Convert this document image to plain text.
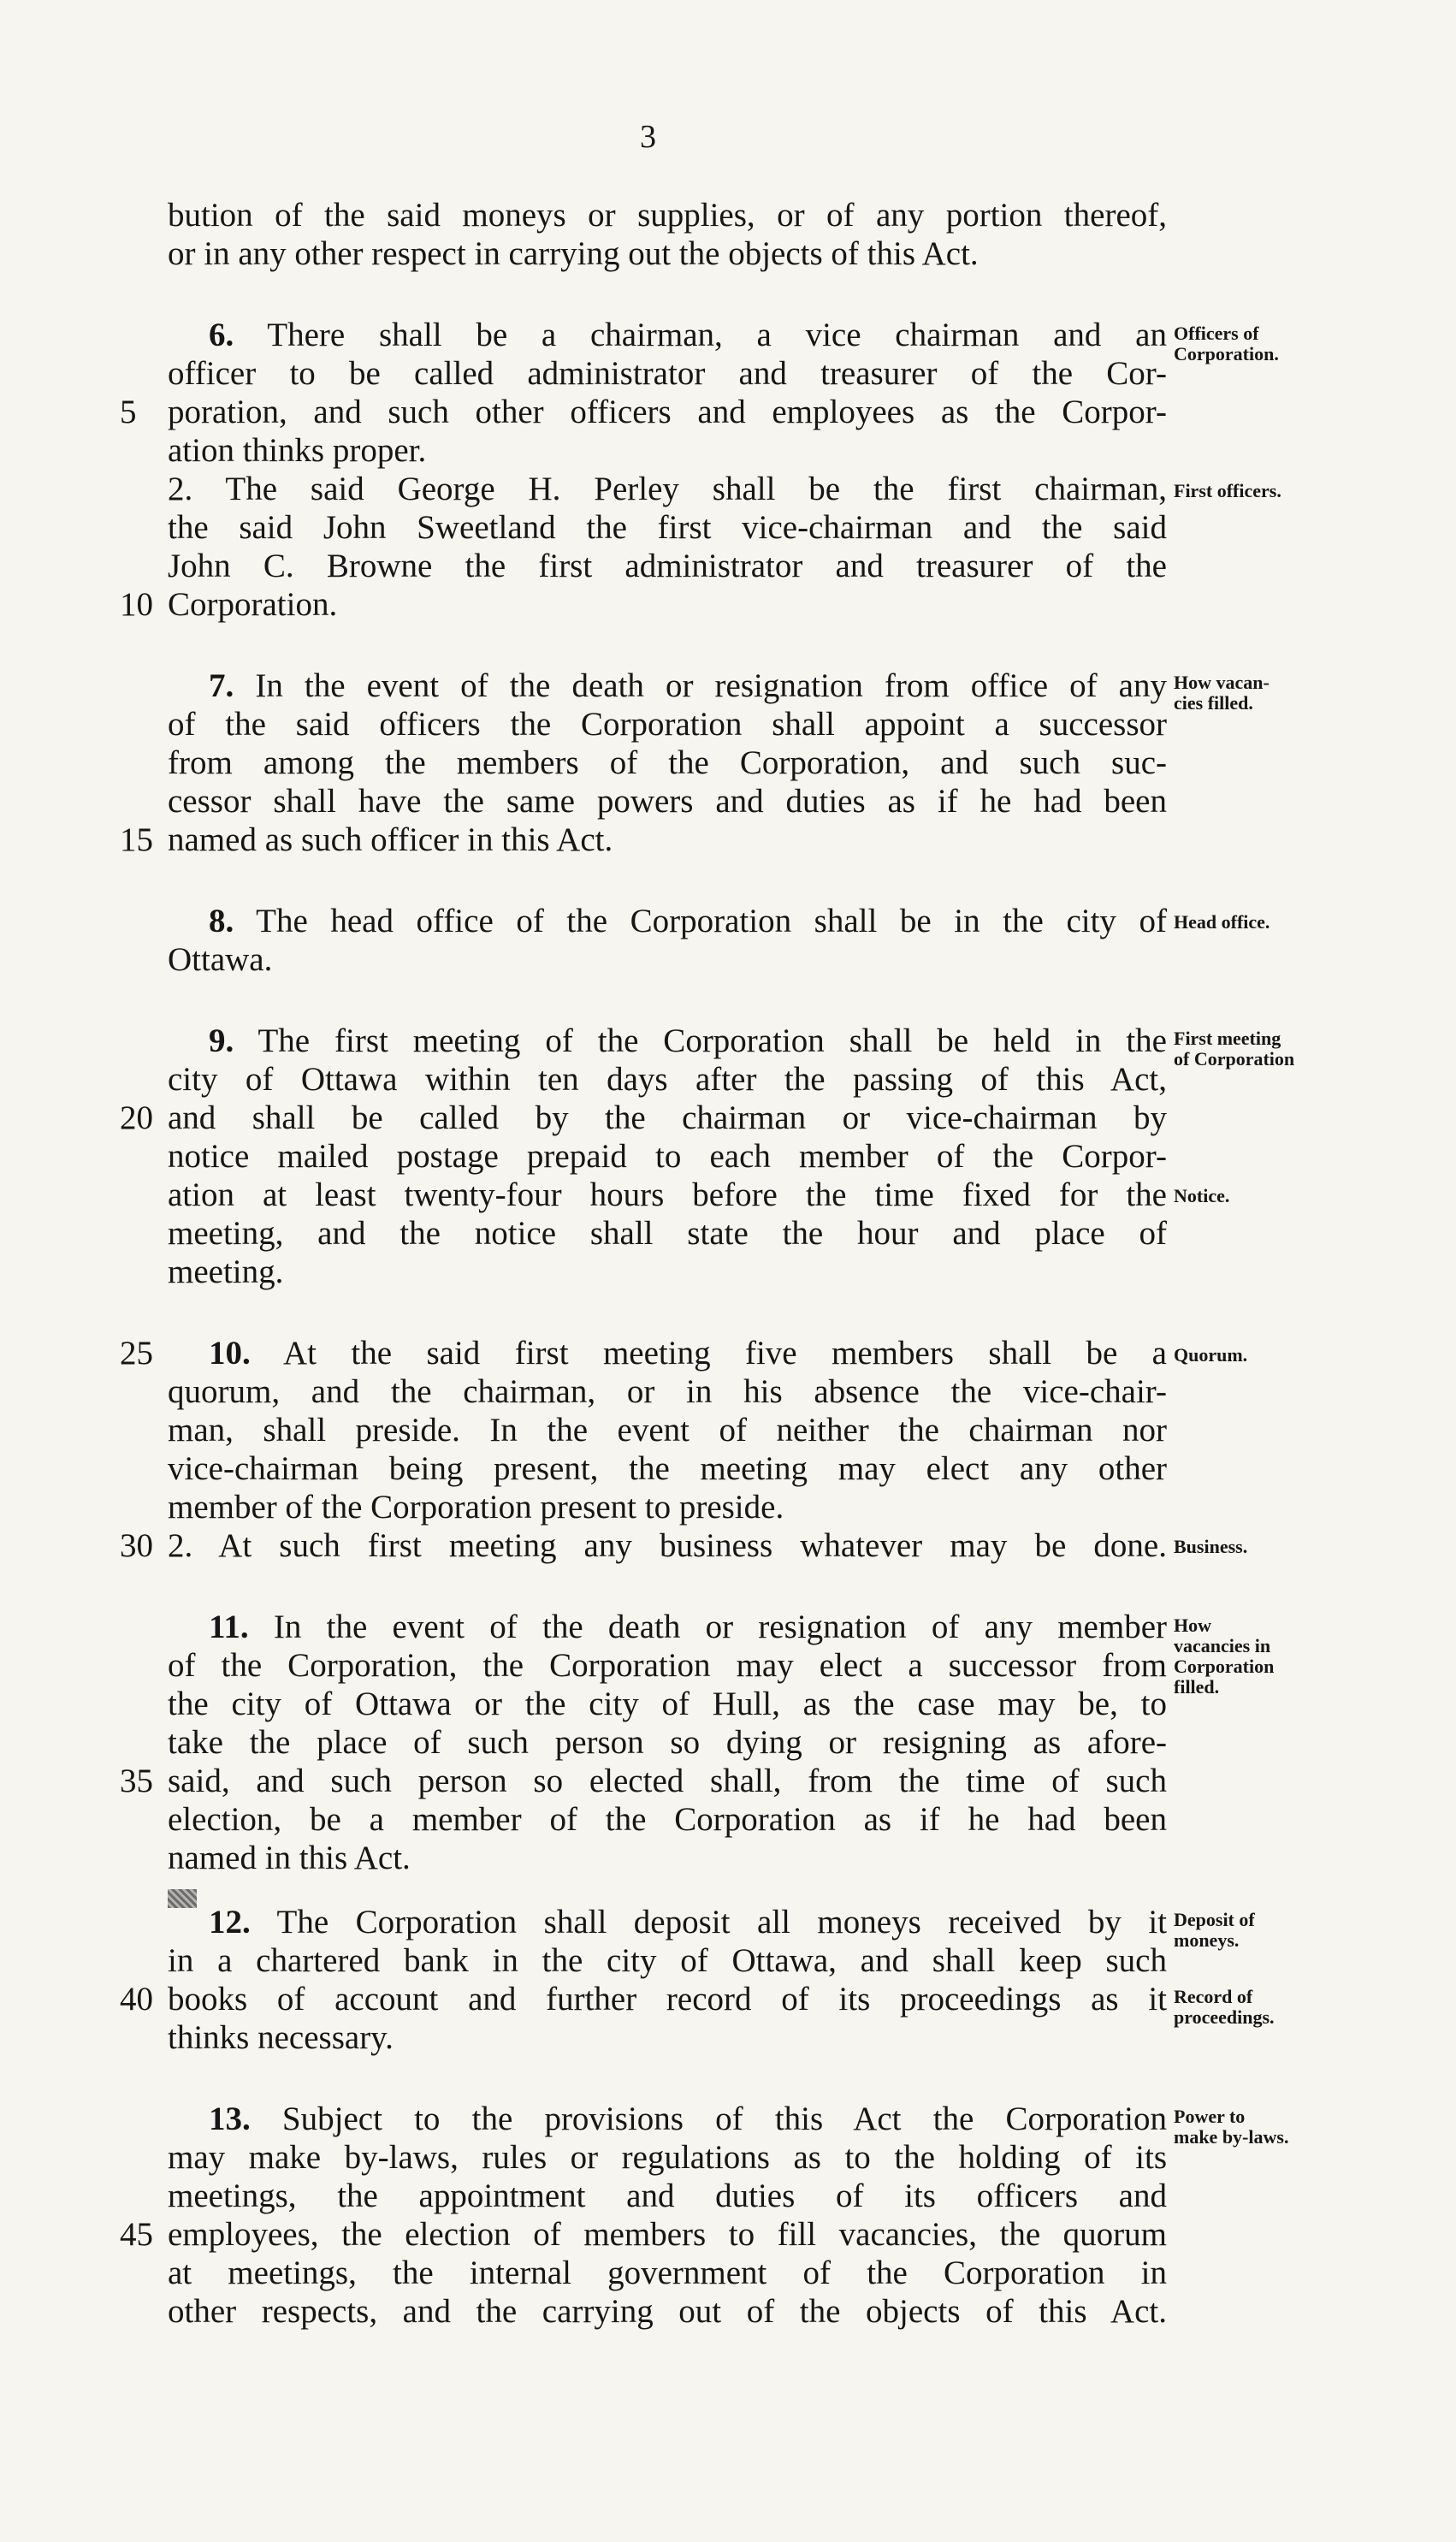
3
bution of the said moneys or supplies, or of any portion thereof,
or in any other respect in carrying out the objects of this Act.
6. There shall be a chairman, a vice chairman and an
officer to be called administrator and treasurer of the Cor-
poration, and such other officers and employees as the Corpor-
ation thinks proper.
2. The said George H. Perley shall be the first chairman,
the said John Sweetland the first vice-chairman and the said
John C. Browne the first administrator and treasurer of the
Corporation.
7. In the event of the death or resignation from office of any
of the said officers the Corporation shall appoint a successor
from among the members of the Corporation, and such suc-
cessor shall have the same powers and duties as if he had been
named as such officer in this Act.
8. The head office of the Corporation shall be in the city of
Ottawa.
9. The first meeting of the Corporation shall be held in the
city of Ottawa within ten days after the passing of this Act,
and shall be called by the chairman or vice-chairman by
notice mailed postage prepaid to each member of the Corpor-
ation at least twenty-four hours before the time fixed for the
meeting, and the notice shall state the hour and place of
meeting.
10. At the said first meeting five members shall be a
quorum, and the chairman, or in his absence the vice-chair-
man, shall preside. In the event of neither the chairman nor
vice-chairman being present, the meeting may elect any other
member of the Corporation present to preside.
2. At such first meeting any business whatever may be done.
11. In the event of the death or resignation of any member
of the Corporation, the Corporation may elect a successor from
the city of Ottawa or the city of Hull, as the case may be, to
take the place of such person so dying or resigning as afore-
said, and such person so elected shall, from the time of such
election, be a member of the Corporation as if he had been
named in this Act.
12. The Corporation shall deposit all moneys received by it
in a chartered bank in the city of Ottawa, and shall keep such
books of account and further record of its proceedings as it
thinks necessary.
13. Subject to the provisions of this Act the Corporation
may make by-laws, rules or regulations as to the holding of its
meetings, the appointment and duties of its officers and
employees, the election of members to fill vacancies, the quorum
at meetings, the internal government of the Corporation in
other respects, and the carrying out of the objects of this Act.
5
10
15
20
25
30
35
40
45
Officers of
Corporation.
First officers.
How vacan-
cies filled.
Head office.
First meeting
of Corporation
Notice.
Quorum.
Business.
How
vacancies in
Corporation
filled.
Deposit of
moneys.
Record of
proceedings.
Power to
make by-laws.
